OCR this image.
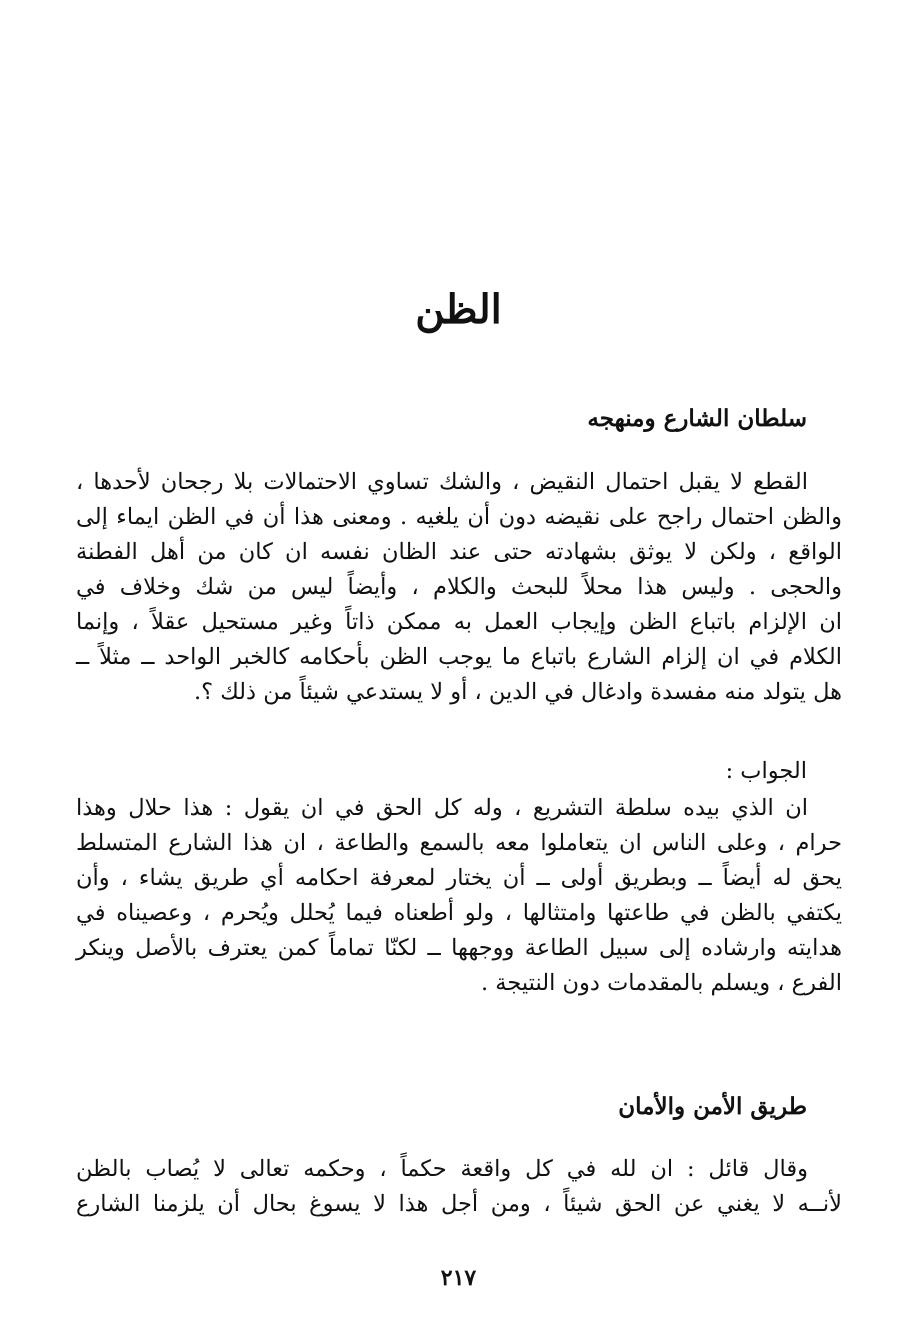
الظن
سلطان الشارع ومنهجه
القطع لا يقبل احتمال النقيض ، والشك تساوي الاحتمالات بلا رجحان لأحدها ،
والظن احتمال راجح على نقيضه دون أن يلغيه . ومعنى هذا أن في الظن ايماء إلى
الواقع ، ولكن لا يوثق بشهادته حتى عند الظان نفسه ان كان من أهل الفطنة
والحجى . وليس هذا محلاً للبحث والكلام ، وأيضاً ليس من شك وخلاف في
ان الإلزام باتباع الظن وإيجاب العمل به ممكن ذاتاً وغير مستحيل عقلاً ، وإنما
الكلام في ان إلزام الشارع باتباع ما يوجب الظن بأحكامه كالخبر الواحد ــ مثلاً ــ
هل يتولد منه مفسدة وادغال في الدين ، أو لا يستدعي شيئاً من ذلك ؟.

الجواب :

ان الذي بيده سلطة التشريع ، وله كل الحق في ان يقول : هذا حلال وهذا
حرام ، وعلى الناس ان يتعاملوا معه بالسمع والطاعة ، ان هذا الشارع المتسلط
يحق له أيضاً ــ وبطريق أولى ــ أن يختار لمعرفة احكامه أي طريق يشاء ، وأن
يكتفي بالظن في طاعتها وامتثالها ، ولو أطعناه فيما يُحلل ويُحرم ، وعصيناه في
هدايته وارشاده إلى سبيل الطاعة ووجهها ــ لكنّا تماماً كمن يعترف بالأصل وينكر
الفرع ، ويسلم بالمقدمات دون النتيجة .
طريق الأمن والأمان
وقال قائل : ان لله في كل واقعة حكماً ، وحكمه تعالى لا يُصاب بالظن
لأنــه لا يغني عن الحق شيئاً ، ومن أجل هذا لا يسوغ بحال أن يلزمنا الشارع

٢١٧
